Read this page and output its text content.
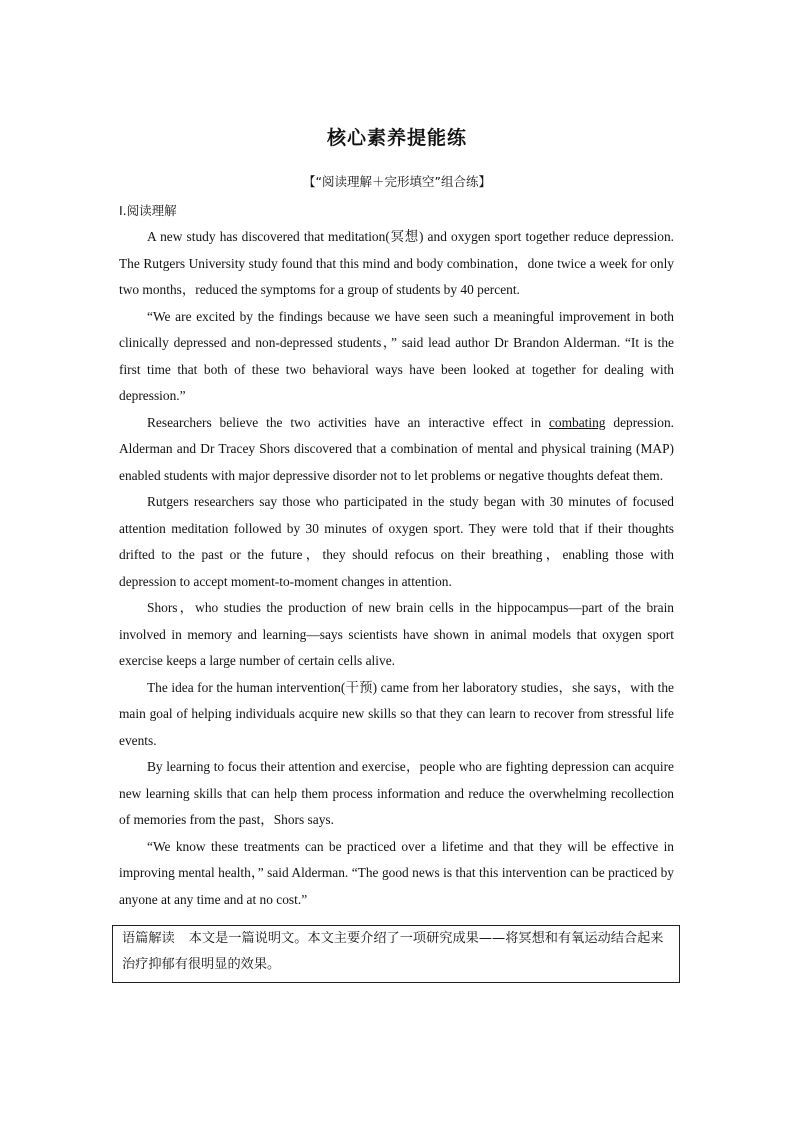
核心素养提能练
【“阅读理解＋完形填空”组合练】
Ⅰ.阅读理解

A new study has discovered that meditation(冥想) and oxygen sport together reduce depression. The Rutgers University study found that this mind and body combination，done twice a week for only two months，reduced the symptoms for a group of students by 40 percent.

“We are excited by the findings because we have seen such a meaningful improvement in both clinically depressed and non-depressed students，” said lead author Dr Brandon Alderman. “It is the first time that both of these two behavioral ways have been looked at together for dealing with depression.”

Researchers believe the two activities have an interactive effect in combating depression. Alderman and Dr Tracey Shors discovered that a combination of mental and physical training (MAP) enabled students with major depressive disorder not to let problems or negative thoughts defeat them.

Rutgers researchers say those who participated in the study began with 30 minutes of focused attention meditation followed by 30 minutes of oxygen sport. They were told that if their thoughts drifted to the past or the future，they should refocus on their breathing，enabling those with depression to accept moment-to-moment changes in attention.

Shors，who studies the production of new brain cells in the hippocampus—part of the brain involved in memory and learning—says scientists have shown in animal models that oxygen sport exercise keeps a large number of certain cells alive.

The idea for the human intervention(干预) came from her laboratory studies，she says，with the main goal of helping individuals acquire new skills so that they can learn to recover from stressful life events.

By learning to focus their attention and exercise，people who are fighting depression can acquire new learning skills that can help them process information and reduce the overwhelming recollection of memories from the past，Shors says.

“We know these treatments can be practiced over a lifetime and that they will be effective in improving mental health，” said Alderman. “The good news is that this intervention can be practiced by anyone at any time and at no cost.”

语篇解读 本文是一篇说明文。本文主要介绍了一项研究成果——将冥想和有氧运动结合起来治疗抑郁有很明显的效果。
